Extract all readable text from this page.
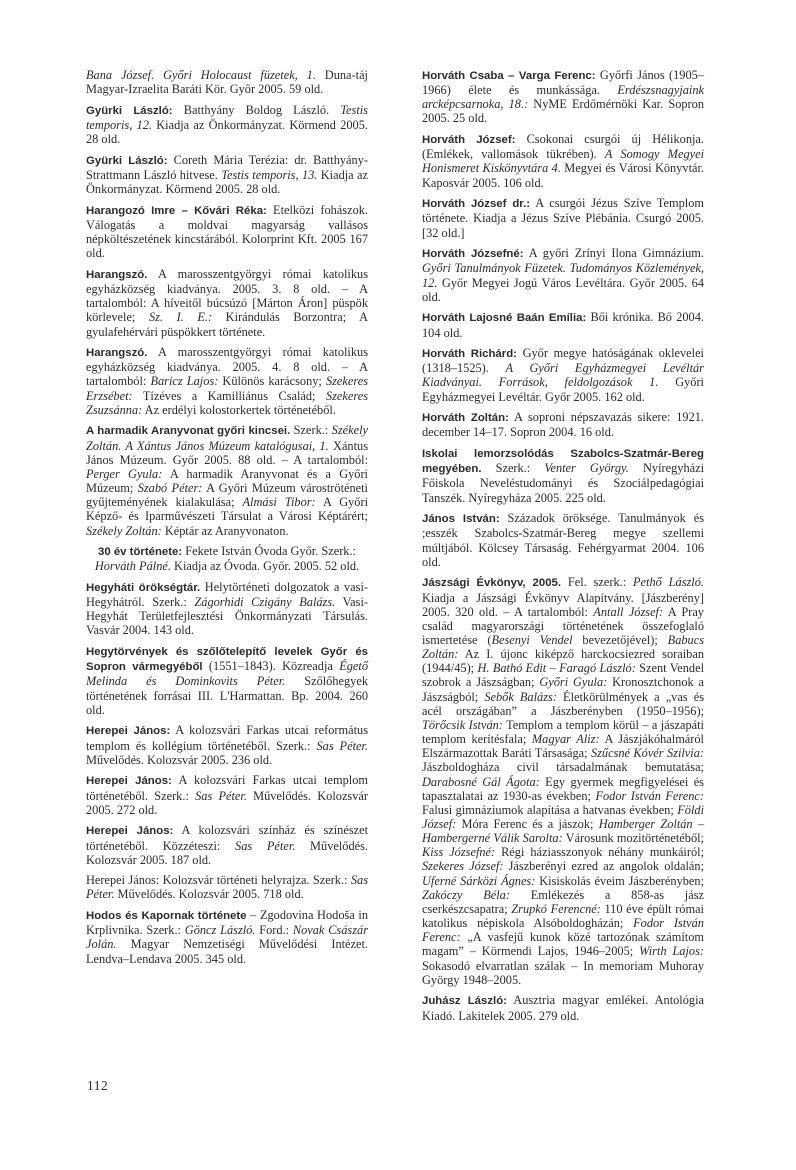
Bana József. Győri Holocaust füzetek, 1. Duna-táj Magyar-Izraelita Baráti Kör. Győr 2005. 59 old.

Gyürki László: Batthyány Boldog László. Testis temporis, 12. Kiadja az Önkormányzat. Körmend 2005. 28 old.

Gyürki László: Coreth Mária Terézia: dr. Batthyány-Strattmann László hitvese. Testis temporis, 13. Kiadja az Önkormányzat. Körmend 2005. 28 old.

Harangozó Imre – Kővári Réka: Etelközi fohászok. Válogatás a moldvai magyarság vallásos népköltészetének kincstárából. Kolorprint Kft. 2005 167 old.

Harangszó. A marosszentgyörgyi római katolikus egyházközség kiadványa. 2005. 3. 8 old. – A tartalomból: A híveitől búcsúzó [Márton Áron] püspök körlevele; Sz. I. E.: Kirándulás Borzontra; A gyulafehérvári püspökkert története.

Harangszó. A marosszentgyörgyi római katolikus egyházközség kiadványa. 2005. 4. 8 old. – A tartalomból: Baricz Lajos: Különös karácsony; Szekeres Erzsébet: Tízéves a Kamilliánus Család; Szekeres Zsuzsánna: Az erdélyi kolostorkertek történetéből.

A harmadik Aranyvonat győri kincsei. Szerk.: Székely Zoltán. A Xántus János Múzeum katalógusai, 1. Xántus János Múzeum. Győr 2005. 88 old. – A tartalomból: Perger Gyula: A harmadik Aranyvonat és a Győri Múzeum; Szabó Péter: A Győri Múzeum vároströténeti gyűjteményének kialakulása; Almási Tibor: A Győri Képző- és Iparművészeti Társulat a Városi Képtárért; Székely Zoltán: Képtár az Aranyvonaton.

30 év története: Fekete István Óvoda Győr. Szerk.: Horváth Pálné. Kiadja az Óvoda. Győr. 2005. 52 old.

Hegyháti örökségtár. Helytörténeti dolgozatok a vasi-Hegyhátról. Szerk.: Zágorhidi Czigány Balázs. Vasi-Hegyhát Területfejlesztési Önkormányzati Társulás. Vasvár 2004. 143 old.

Hegytörvények és szőlőtelepítő levelek Győr és Sopron vármegyéből (1551–1843). Közreadja Égető Melinda és Dominkovits Péter. Szőlőhegyek történetének forrásai III. L'Harmattan. Bp. 2004. 260 old.

Herepei János: A kolozsvári Farkas utcai református templom és kollégium történetéből. Szerk.: Sas Péter. Művelődés. Kolozsvár 2005. 236 old.

Herepei János: A kolozsvári Farkas utcai templom történetéből. Szerk.: Sas Péter. Művelődés. Kolozsvár 2005. 272 old.

Herepei János: A kolozsvári színház és színészet történetéből. Közzéteszi: Sas Péter. Művelődés. Kolozsvár 2005. 187 old.

Herepei János: Kolozsvár történeti helyrajza. Szerk.: Sas Péter. Művelődés. Kolozsvár 2005. 718 old.

Hodos és Kapornak története – Zgodovina Hodoša in Krplivnika. Szerk.: Göncz László. Ford.: Novak Császár Jolán. Magyar Nemzetiségi Művelődési Intézet. Lendva–Lendava 2005. 345 old.

Horváth Csaba – Varga Ferenc: Győrfi János (1905–1966) élete és munkássága. Erdészsnagyjaink arcképcsarnoka, 18.: NyME Erdőmérnöki Kar. Sopron 2005. 25 old.

Horváth József: Csokonai csurgói új Hélikonja. (Emlékek, vallomások tükrében). A Somogy Megyei Honismeret Kiskönyvtára 4. Megyei és Városi Könyvtár. Kaposvár 2005. 106 old.

Horváth József dr.: A csurgói Jézus Szíve Templom története. Kiadja a Jézus Szíve Plébánia. Csurgó 2005. [32 old.]

Horváth Józsefné: A győri Zrínyi Ilona Gimnázium. Győri Tanulmányok Füzetek. Tudományos Közlemények, 12. Győr Megyei Jogú Város Levéltára. Győr 2005. 64 old.

Horváth Lajosné Baán Emília: Bői krónika. Bő 2004. 104 old.

Horváth Richárd: Győr megye hatóságának oklevelei (1318–1525). A Győri Egyházmegyei Levéltár Kiadványai. Források, feldolgozások 1. Győri Egyházmegyei Levéltár. Győr 2005. 162 old.

Horváth Zoltán: A soproni népszavazás sikere: 1921. december 14–17. Sopron 2004. 16 old.

Iskolai lemorzsolódás Szabolcs-Szatmár-Bereg megyében. Szerk.: Venter György. Nyíregyházi Főiskola Neveléstudományi és Szociálpedagógiai Tanszék. Nyíregyháza 2005. 225 old.

János István: Századok öröksége. Tanulmányok és ;esszék Szabolcs-Szatmár-Bereg megye szellemi múltjából. Kölcsey Társaság. Fehérgyarmat 2004. 106 old.

Jászsági Évkönyv, 2005. Fel. szerk.: Pethő László. Kiadja a Jászsági Évkönyv Alapítvány. [Jászberény] 2005. 320 old. – A tartalomból: Antall József: A Pray család magyarországi történetének összefoglaló ismertetése (Besenyi Vendel bevezetőjével); Babucs Zoltán: Az I. újonc kiképző harckocsiezred soraiban (1944/45); H. Bathó Edit – Faragó László: Szent Vendel szobrok a Jászságban; Győri Gyula: Kronosztchonok a Jászságból; Sebők Balázs: Életkörülmények a „vas és acél országában” a Jászberényben (1950–1956); Törőcsik István: Templom a templom körül – a jászapáti templom kerítésfala; Magyar Aliz: A Jászjákóhalmáról Elszármazottak Baráti Társasága; Szűcsné Kóvér Szilvia: Jászboldogháza civil társadalmának bemutatása; Darabosné Gál Ágota: Egy gyermek megfigyelései és tapasztalatai az 1930-as években; Fodor István Ferenc: Falusi gimnáziumok alapítása a hatvanas években; Földi József: Móra Ferenc és a jászok; Hamberger Zoltán – Hambergerné Válik Sarolta: Városunk mozitörténetéből; Kiss Józsefné: Régi háziasszonyok néhány munkáiról; Szekeres József: Jászberényi ezred az angolok oldalán; Uferné Sárközi Ágnes: Kisiskolás éveim Jászberényben; Zakóczy Béla: Emlékezés a 858-as jász cserkészcsapatra; Zrupkó Ferencné: 110 éve épült római katolikus népiskola Alsóboldogházán; Fodor István Ferenc: „A vasfejű kunok közé tartozónak számítom magam” – Körmendi Lajos, 1946–2005; Wirth Lajos: Sokasodó elvarratlan szálak – In memoriam Muhoray György 1948–2005.

Juhász László: Ausztria magyar emlékei. Antológia Kiadó. Lakitelek 2005. 279 old.

112
